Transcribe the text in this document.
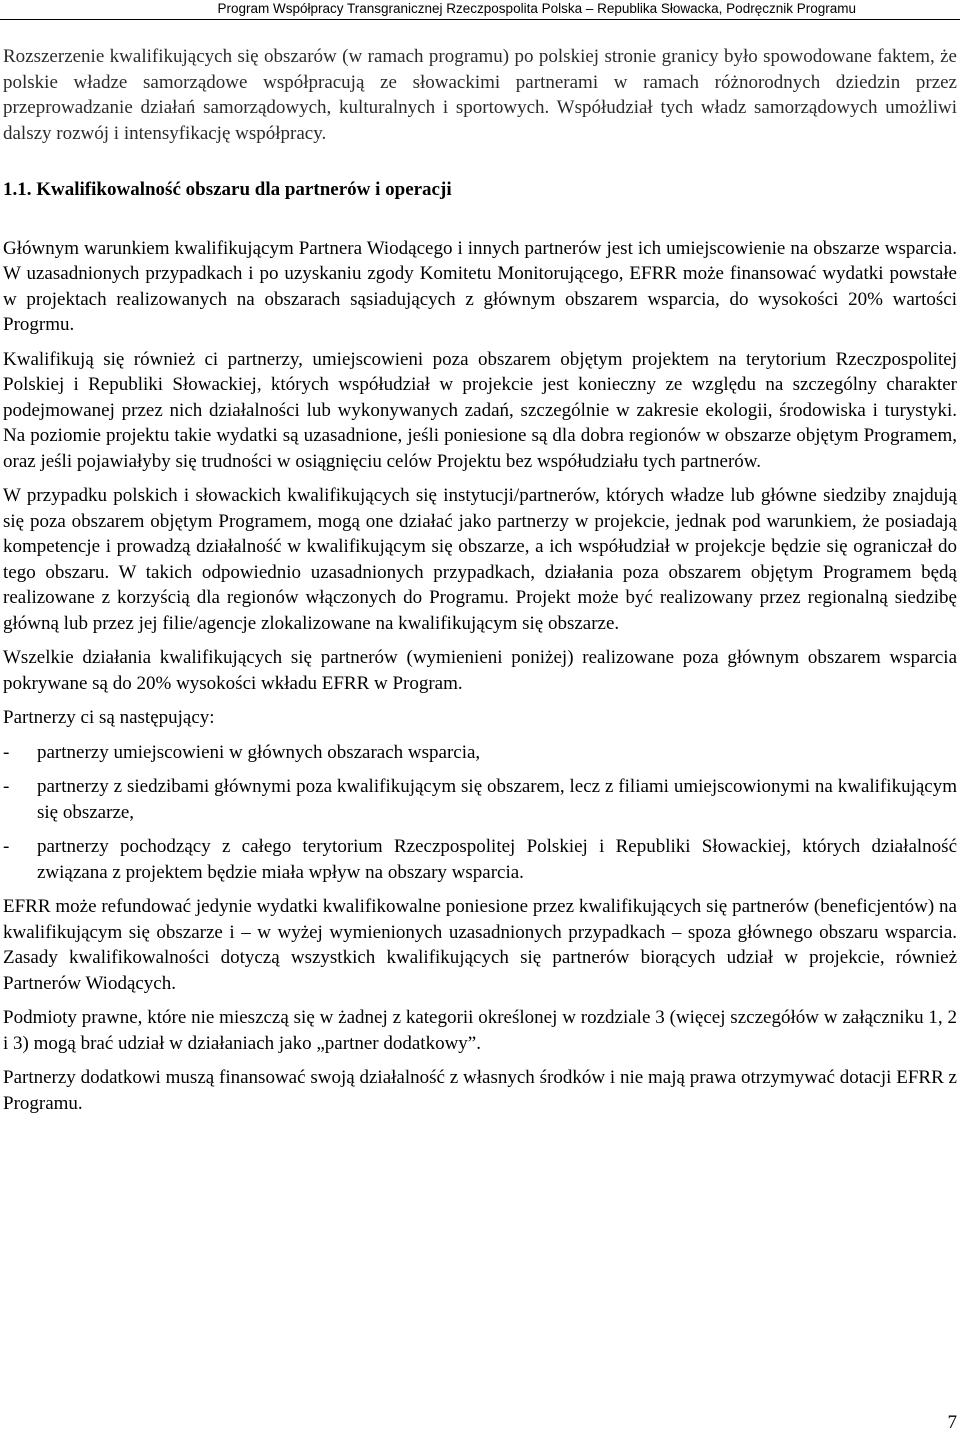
Program Współpracy Transgranicznej Rzeczpospolita Polska – Republika Słowacka, Podręcznik Programu

Rozszerzenie kwalifikujących się obszarów (w ramach programu) po polskiej stronie granicy było spowodowane faktem, że polskie władze samorządowe współpracują ze słowackimi partnerami w ramach różnorodnych dziedzin przez przeprowadzanie działań samorządowych, kulturalnych i sportowych. Współudział tych władz samorządowych umożliwi dalszy rozwój i intensyfikację współpracy.

1.1. Kwalifikowalność obszaru dla partnerów i operacji

Głównym warunkiem kwalifikującym Partnera Wiodącego i innych partnerów jest ich umiejscowienie na obszarze wsparcia. W uzasadnionych przypadkach i po uzyskaniu zgody Komitetu Monitorującego, EFRR może finansować wydatki powstałe w projektach realizowanych na obszarach sąsiadujących z głównym obszarem wsparcia, do wysokości 20% wartości Progrmu.

Kwalifikują się również ci partnerzy, umiejscowieni poza obszarem objętym projektem na terytorium Rzeczpospolitej Polskiej i Republiki Słowackiej, których współudział w projekcie jest konieczny ze względu na szczególny charakter podejmowanej przez nich działalności lub wykonywanych zadań, szczególnie w zakresie ekologii, środowiska i turystyki. Na poziomie projektu takie wydatki są uzasadnione, jeśli poniesione są dla dobra regionów w obszarze objętym Programem, oraz jeśli pojawiałyby się trudności w osiągnięciu celów Projektu bez współudziału tych partnerów.

W przypadku polskich i słowackich kwalifikujących się instytucji/partnerów, których władze lub główne siedziby znajdują się poza obszarem objętym Programem, mogą one działać jako partnerzy w projekcie, jednak pod warunkiem, że posiadają kompetencje i prowadzą działalność w kwalifikującym się obszarze, a ich współudział w projekcje będzie się ograniczał do tego obszaru. W takich odpowiednio uzasadnionych przypadkach, działania poza obszarem objętym Programem będą realizowane z korzyścią dla regionów włączonych do Programu. Projekt może być realizowany przez regionalną siedzibę główną lub przez jej filie/agencje zlokalizowane na kwalifikującym się obszarze.

Wszelkie działania kwalifikujących się partnerów (wymienieni poniżej) realizowane poza głównym obszarem wsparcia pokrywane są do 20% wysokości wkładu EFRR w Program.

Partnerzy ci są następujący:

-	partnerzy umiejscowieni w głównych obszarach wsparcia,
-	partnerzy z siedzibami głównymi poza kwalifikującym się obszarem, lecz z filiami umiejscowionymi na kwalifikującym się obszarze,
-	partnerzy pochodzący z całego terytorium Rzeczpospolitej Polskiej i Republiki Słowackiej, których działalność związana z projektem będzie miała wpływ na obszary wsparcia.

EFRR może refundować jedynie wydatki kwalifikowalne poniesione przez kwalifikujących się partnerów (beneficjentów) na kwalifikującym się obszarze i – w wyżej wymienionych uzasadnionych przypadkach – spoza głównego obszaru wsparcia. Zasady kwalifikowalności dotyczą wszystkich kwalifikujących się partnerów biorących udział w projekcie, również Partnerów Wiodących.

Podmioty prawne, które nie mieszczą się w żadnej z kategorii określonej w rozdziale 3 (więcej szczegółów w załączniku 1, 2 i 3) mogą brać udział w działaniach jako „partner dodatkowy”.

Partnerzy dodatkowi muszą finansować swoją działalność z własnych środków i nie mają prawa otrzymywać dotacji EFRR z Programu.

7
